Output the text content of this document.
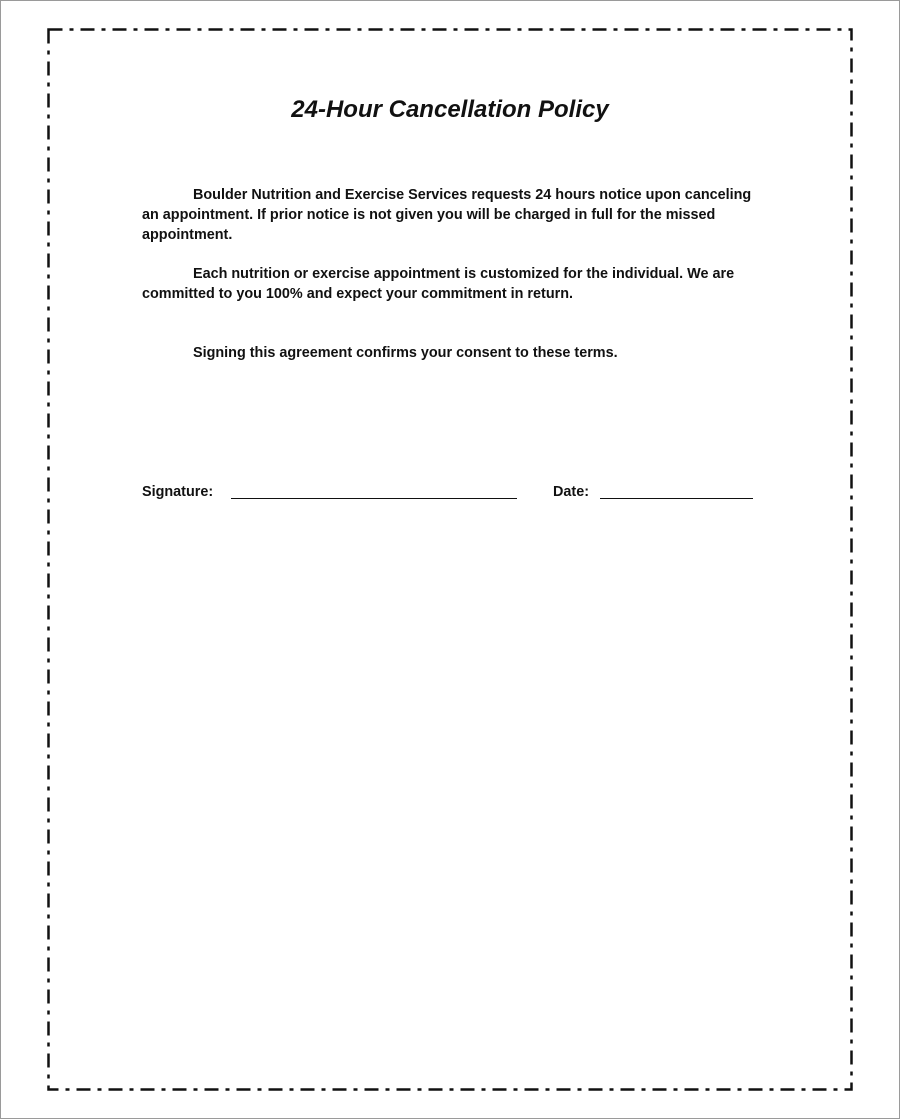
24-Hour Cancellation Policy
Boulder Nutrition and Exercise Services requests 24 hours notice upon canceling an appointment. If prior notice is not given you will be charged in full for the missed appointment.
Each nutrition or exercise appointment is customized for the individual. We are committed to you 100% and expect your commitment in return.
Signing this agreement confirms your consent to these terms.
Signature:	Date:
